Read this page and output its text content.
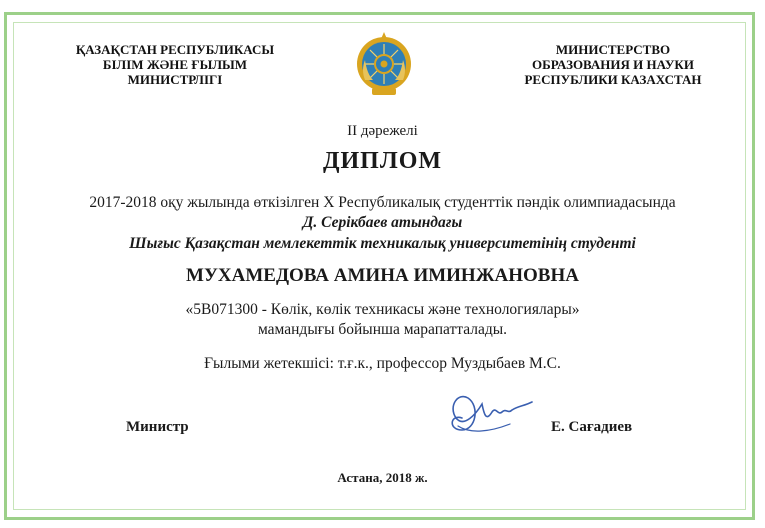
ҚАЗАҚСТАН РЕСПУБЛИКАСЫ
БІЛІМ ЖӘНЕ ҒЫЛЫМ
МИНИСТРЛІГІ
МИНИСТЕРСТВО
ОБРАЗОВАНИЯ И НАУКИ
РЕСПУБЛИКИ КАЗАХСТАН
II дәрежелі
ДИПЛОМ
2017-2018 оқу жылында өткізілген Х Республикалық студенттік пәндік олимпиадасында
Д. Серікбаев атындағы
Шығыс Қазақстан мемлекеттік техникалық университетінің студенті
МУХАМЕДОВА АМИНА ИМИНЖАНОВНА
«5В071300 - Көлік, көлік техникасы және технологиялары»
мамандығы бойынша марапатталады.
Ғылыми жетекшісі: т.ғ.к., профессор Муздыбаев М.С.
Министр	Е. Сағадиев
Астана, 2018 ж.
